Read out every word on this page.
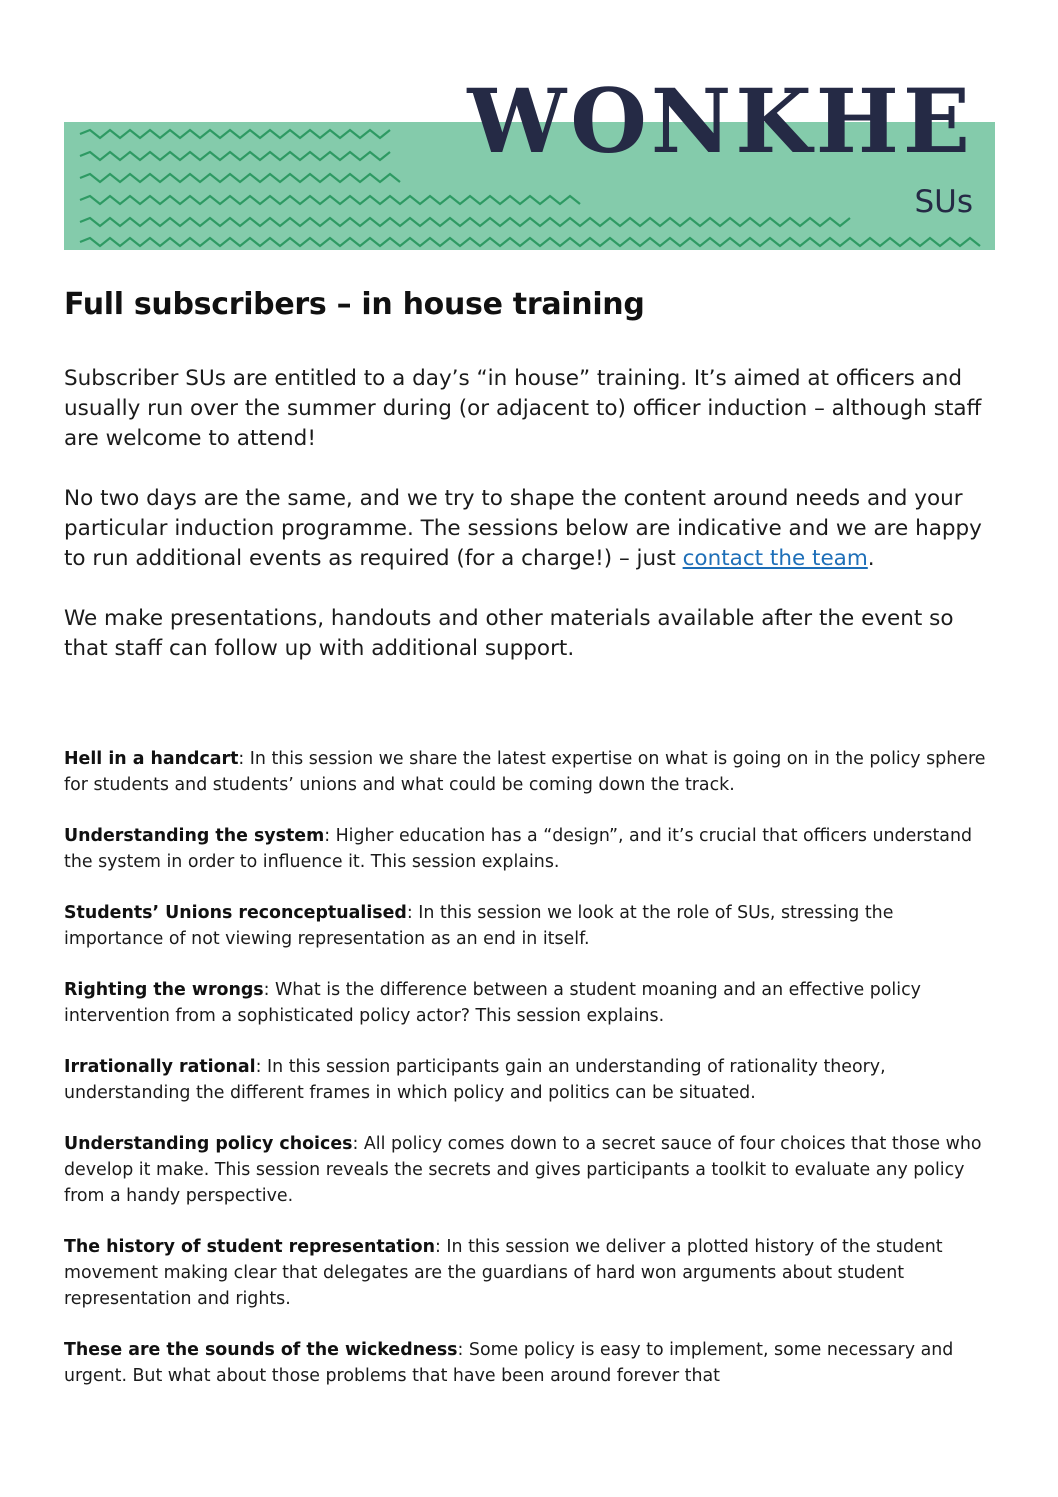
WONKHE
SUs
Full subscribers – in house training

Subscriber SUs are entitled to a day’s “in house” training. It’s aimed at officers and usually run over the summer during (or adjacent to) officer induction – although staff are welcome to attend!

No two days are the same, and we try to shape the content around needs and your particular induction programme. The sessions below are indicative and we are happy to run additional events as required (for a charge!) – just contact the team.

We make presentations, handouts and other materials available after the event so that staff can follow up with additional support.

Hell in a handcart: In this session we share the latest expertise on what is going on in the policy sphere for students and students’ unions and what could be coming down the track.

Understanding the system: Higher education has a “design”, and it’s crucial that officers understand the system in order to influence it. This session explains.

Students’ Unions reconceptualised: In this session we look at the role of SUs, stressing the importance of not viewing representation as an end in itself.

Righting the wrongs: What is the difference between a student moaning and an effective policy intervention from a sophisticated policy actor? This session explains.

Irrationally rational: In this session participants gain an understanding of rationality theory, understanding the different frames in which policy and politics can be situated.

Understanding policy choices: All policy comes down to a secret sauce of four choices that those who develop it make. This session reveals the secrets and gives participants a toolkit to evaluate any policy from a handy perspective.

The history of student representation: In this session we deliver a plotted history of the student movement making clear that delegates are the guardians of hard won arguments about student representation and rights.

These are the sounds of the wickedness: Some policy is easy to implement, some necessary and urgent. But what about those problems that have been around forever that
